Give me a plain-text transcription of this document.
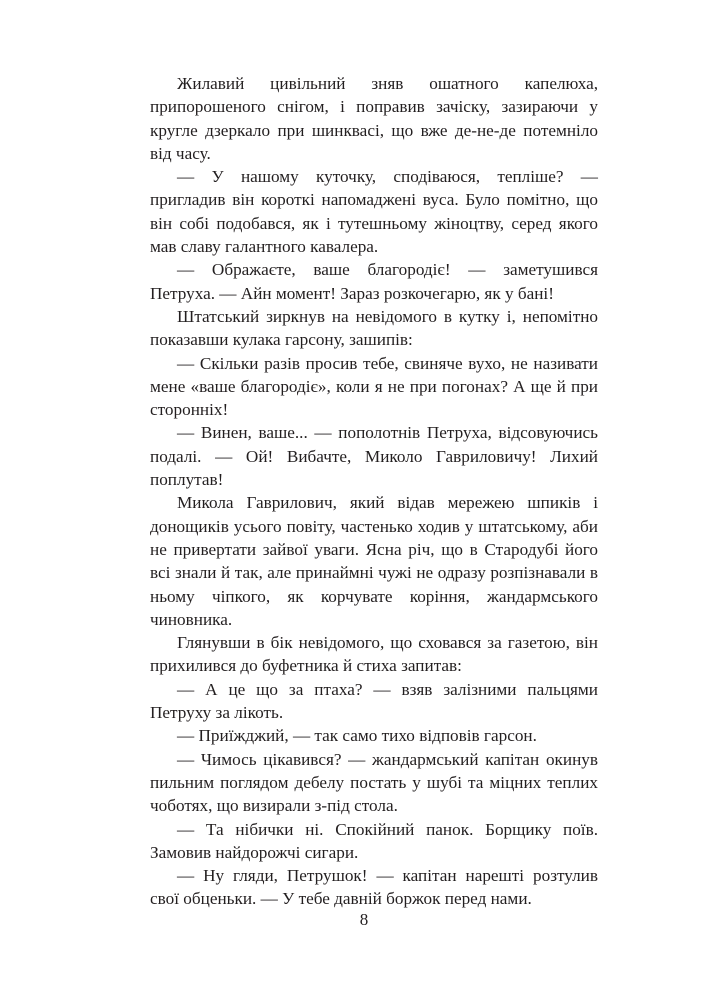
Жилавий цивільний зняв ошатного капелюха, припорошеного снігом, і поправив зачіску, зазираючи у кругле дзеркало при шинквасі, що вже де-не-де потемніло від часу.

— У нашому куточку, сподіваюся, тепліше? — пригладив він короткі напомаджені вуса. Було помітно, що він собі подобався, як і тутешньому жіноцтву, серед якого мав славу галантного кавалера.

— Ображаєте, ваше благородіє! — заметушився Петруха. — Айн момент! Зараз розкочегарю, як у бані!

Штатський зиркнув на невідомого в кутку і, непомітно показавши кулака гарсону, зашипів:

— Скільки разів просив тебе, свиняче вухо, не називати мене «ваше благородіє», коли я не при погонах? А ще й при сторонніх!

— Винен, ваше... — пополотнів Петруха, відсовуючись подалі. — Ой! Вибачте, Миколо Гавриловичу! Лихий поплутав!

Микола Гаврилович, який відав мережею шпиків і донощиків усього повіту, частенько ходив у штатському, аби не привертати зайвої уваги. Ясна річ, що в Стародубі його всі знали й так, але принаймні чужі не одразу розпізнавали в ньому чіпкого, як корчувате коріння, жандармського чиновника.

Глянувши в бік невідомого, що сховався за газетою, він прихилився до буфетника й стиха запитав:

— А це що за птаха? — взяв залізними пальцями Петруху за лікоть.

— Приїжджий, — так само тихо відповів гарсон.

— Чимось цікавився? — жандармський капітан окинув пильним поглядом дебелу постать у шубі та міцних теплих чоботях, що визирали з-під стола.

— Та нібички ні. Спокійний панок. Борщику поїв. Замовив найдорожчі сигари.

— Ну гляди, Петрушок! — капітан нарешті розтулив свої обценьки. — У тебе давній боржок перед нами.

8
